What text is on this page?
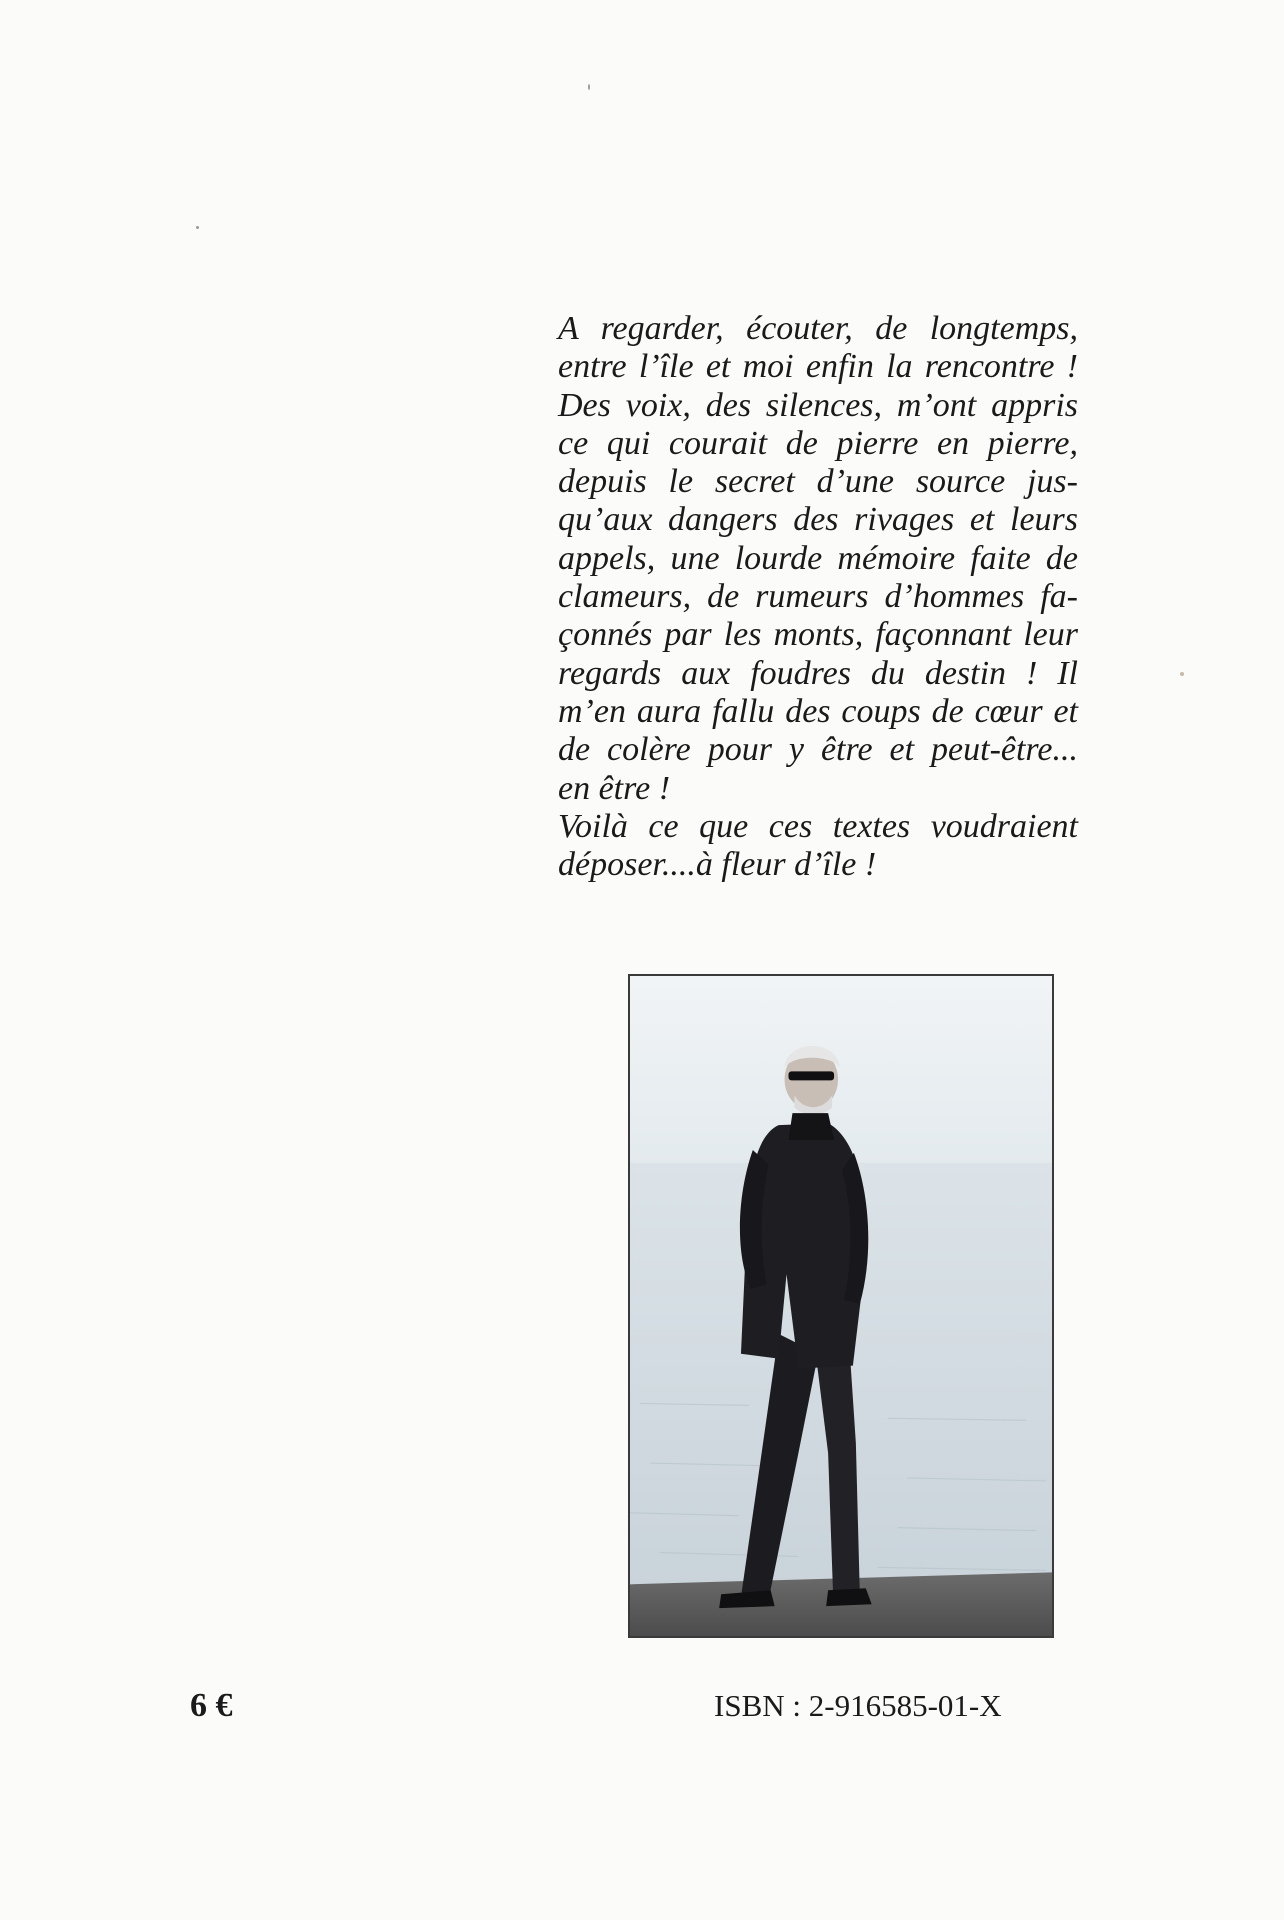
A regarder, écouter, de longtemps,
entre l’île et moi enfin la rencontre !
Des voix, des silences, m’ont appris
ce qui courait de pierre en pierre,
depuis le secret d’une source jus-
qu’aux dangers des rivages et leurs
appels, une lourde mémoire faite de
clameurs, de rumeurs d’hommes fa-
çonnés par les monts, façonnant leur
regards aux foudres du destin ! Il
m’en aura fallu des coups de cœur et
de colère pour y être et peut-être...
en être !
Voilà ce que ces textes voudraient
déposer....à fleur d’île !
6 €	ISBN : 2-916585-01-X
